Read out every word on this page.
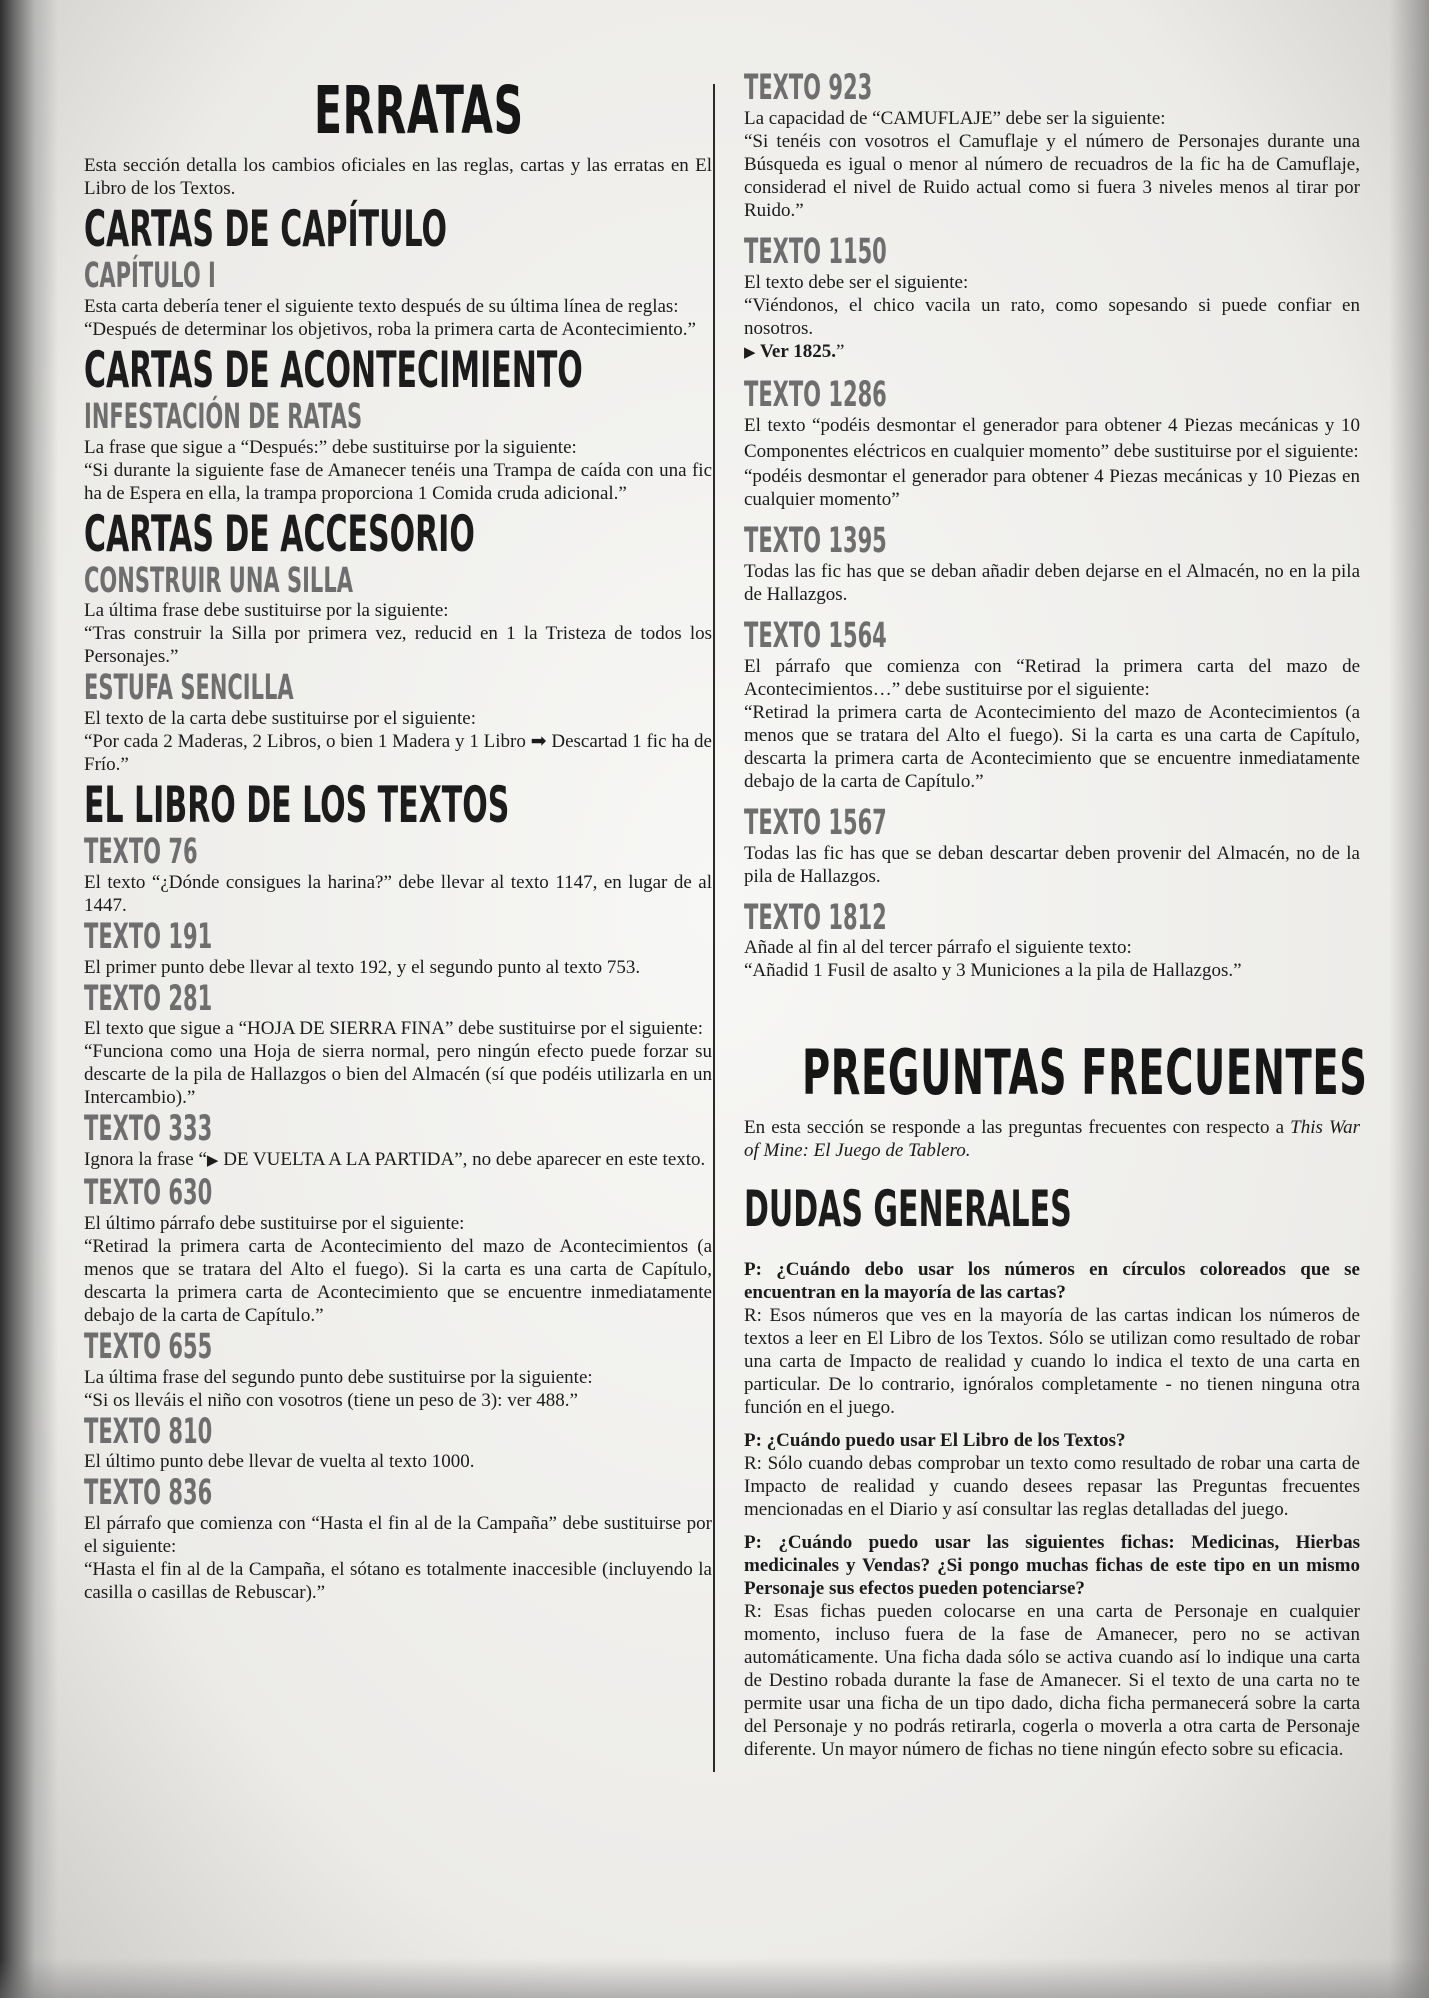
ERRATAS

Esta sección detalla los cambios oficiales en las reglas, cartas y las erratas en El Libro de los Textos.

CARTAS DE CAPÍTULO
CAPÍTULO I

Esta carta debería tener el siguiente texto después de su última línea de reglas:

“Después de determinar los objetivos, roba la primera carta de Acontecimiento.”

CARTAS DE ACONTECIMIENTO
INFESTACIÓN DE RATAS

La frase que sigue a “Después:” debe sustituirse por la siguiente:

“Si durante la siguiente fase de Amanecer tenéis una Trampa de caída con una fic ha de Espera en ella, la trampa proporciona 1 Comida cruda adicional.”

CARTAS DE ACCESORIO
CONSTRUIR UNA SILLA

La última frase debe sustituirse por la siguiente:

“Tras construir la Silla por primera vez, reducid en 1 la Tristeza de todos los Personajes.”

ESTUFA SENCILLA

El texto de la carta debe sustituirse por el siguiente:

“Por cada 2 Maderas, 2 Libros, o bien 1 Madera y 1 Libro ➡ Descartad 1 fic ha de Frío.”

EL LIBRO DE LOS TEXTOS
TEXTO 76

El texto “¿Dónde consigues la harina?” debe llevar al texto 1147, en lugar de al 1447.

TEXTO 191

El primer punto debe llevar al texto 192, y el segundo punto al texto 753.

TEXTO 281

El texto que sigue a “HOJA DE SIERRA FINA” debe sustituirse por el siguiente:

“Funciona como una Hoja de sierra normal, pero ningún efecto puede forzar su descarte de la pila de Hallazgos o bien del Almacén (sí que podéis utilizarla en un Intercambio).”

TEXTO 333

Ignora la frase “▶ DE VUELTA A LA PARTIDA”, no debe aparecer en este texto.

TEXTO 630

El último párrafo debe sustituirse por el siguiente:

“Retirad la primera carta de Acontecimiento del mazo de Acontecimientos (a menos que se tratara del Alto el fuego). Si la carta es una carta de Capítulo, descarta la primera carta de Acontecimiento que se encuentre inmediatamente debajo de la carta de Capítulo.”

TEXTO 655

La última frase del segundo punto debe sustituirse por la siguiente:

“Si os lleváis el niño con vosotros (tiene un peso de 3): ver 488.”

TEXTO 810

El último punto debe llevar de vuelta al texto 1000.

TEXTO 836

El párrafo que comienza con “Hasta el fin al de la Campaña” debe sustituirse por el siguiente:

“Hasta el fin al de la Campaña, el sótano es totalmente inaccesible (incluyendo la casilla o casillas de Rebuscar).”

TEXTO 923

La capacidad de “CAMUFLAJE” debe ser la siguiente:

“Si tenéis con vosotros el Camuflaje y el número de Personajes durante una Búsqueda es igual o menor al número de recuadros de la fic ha de Camuflaje, considerad el nivel de Ruido actual como si fuera 3 niveles menos al tirar por Ruido.”

TEXTO 1150

El texto debe ser el siguiente:

“Viéndonos, el chico vacila un rato, como sopesando si puede confiar en nosotros.

▶ Ver 1825.”

TEXTO 1286

El texto “podéis desmontar el generador para obtener 4 Piezas mecánicas y 10 Componentes eléctricos en cualquier momento” debe sustituirse por el siguiente:

“podéis desmontar el generador para obtener 4 Piezas mecánicas y 10 Piezas en cualquier momento”

TEXTO 1395

Todas las fic has que se deban añadir deben dejarse en el Almacén, no en la pila de Hallazgos.

TEXTO 1564

El párrafo que comienza con “Retirad la primera carta del mazo de Acontecimientos…” debe sustituirse por el siguiente:

“Retirad la primera carta de Acontecimiento del mazo de Acontecimientos (a menos que se tratara del Alto el fuego). Si la carta es una carta de Capítulo, descarta la primera carta de Acontecimiento que se encuentre inmediatamente debajo de la carta de Capítulo.”

TEXTO 1567

Todas las fic has que se deban descartar deben provenir del Almacén, no de la pila de Hallazgos.

TEXTO 1812

Añade al fin al del tercer párrafo el siguiente texto:

“Añadid 1 Fusil de asalto y 3 Municiones a la pila de Hallazgos.”

PREGUNTAS FRECUENTES

En esta sección se responde a las preguntas frecuentes con respecto a This War of Mine: El Juego de Tablero.

DUDAS GENERALES

P: ¿Cuándo debo usar los números en círculos coloreados que se encuentran en la mayoría de las cartas?

R: Esos números que ves en la mayoría de las cartas indican los números de textos a leer en El Libro de los Textos. Sólo se utilizan como resultado de robar una carta de Impacto de realidad y cuando lo indica el texto de una carta en particular. De lo contrario, ignóralos completamente - no tienen ninguna otra función en el juego.

P: ¿Cuándo puedo usar El Libro de los Textos?

R: Sólo cuando debas comprobar un texto como resultado de robar una carta de Impacto de realidad y cuando desees repasar las Preguntas frecuentes mencionadas en el Diario y así consultar las reglas detalladas del juego.

P: ¿Cuándo puedo usar las siguientes fichas: Medicinas, Hierbas medicinales y Vendas? ¿Si pongo muchas fichas de este tipo en un mismo Personaje sus efectos pueden potenciarse?

R: Esas fichas pueden colocarse en una carta de Personaje en cualquier momento, incluso fuera de la fase de Amanecer, pero no se activan automáticamente. Una ficha dada sólo se activa cuando así lo indique una carta de Destino robada durante la fase de Amanecer. Si el texto de una carta no te permite usar una ficha de un tipo dado, dicha ficha permanecerá sobre la carta del Personaje y no podrás retirarla, cogerla o moverla a otra carta de Personaje diferente. Un mayor número de fichas no tiene ningún efecto sobre su eficacia.
